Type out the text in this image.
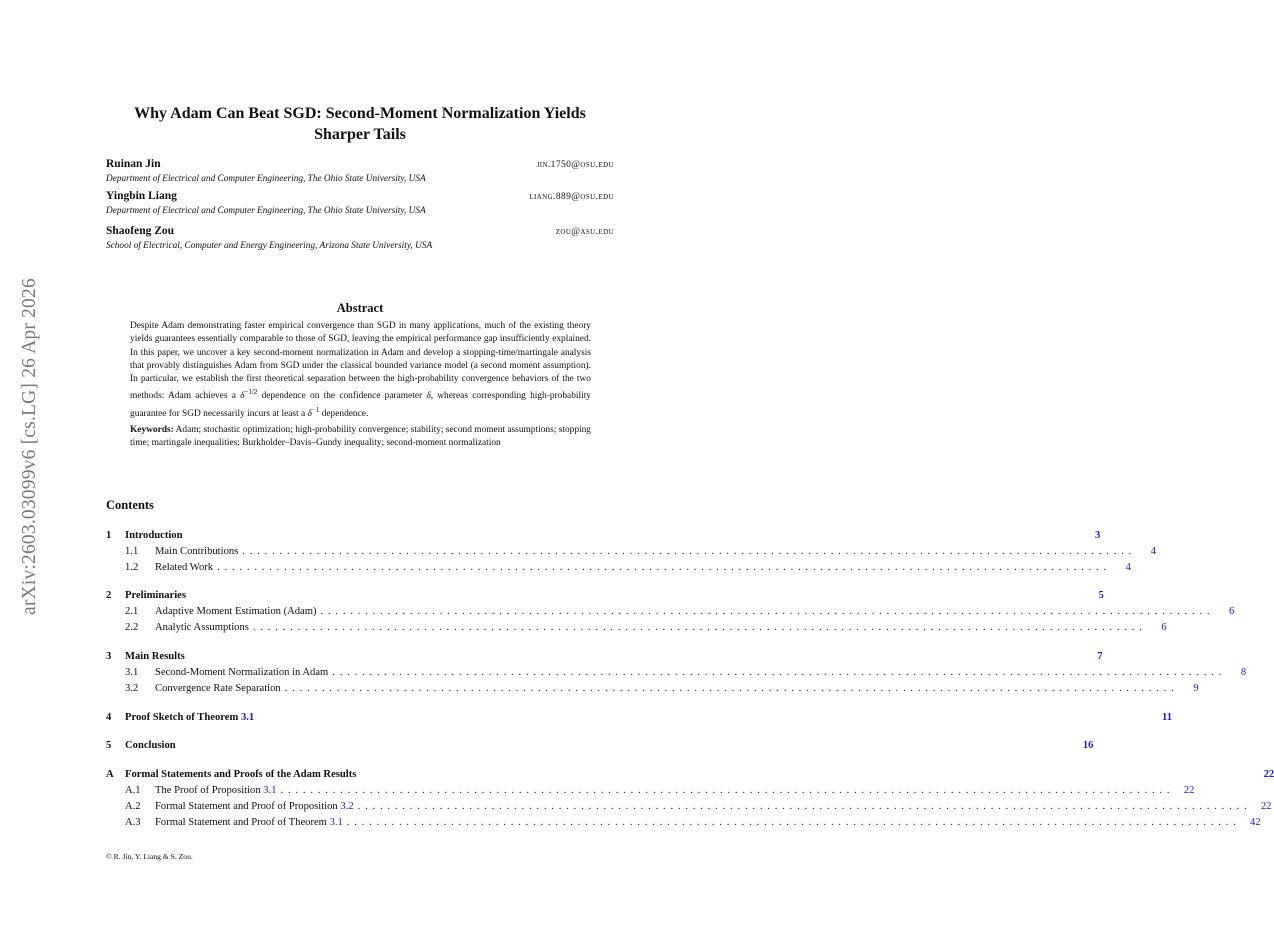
arXiv:2603.03099v6 [cs.LG] 26 Apr 2026
Why Adam Can Beat SGD: Second-Moment Normalization Yields Sharper Tails
Ruinan Jin	jin.1750@osu.edu
Department of Electrical and Computer Engineering, The Ohio State University, USA
Yingbin Liang	liang.889@osu.edu
Department of Electrical and Computer Engineering, The Ohio State University, USA
Shaofeng Zou	zou@asu.edu
School of Electrical, Computer and Energy Engineering, Arizona State University, USA
Abstract
Despite Adam demonstrating faster empirical convergence than SGD in many applications, much of the existing theory yields guarantees essentially comparable to those of SGD, leaving the empirical performance gap insufficiently explained. In this paper, we uncover a key second-moment normalization in Adam and develop a stopping-time/martingale analysis that provably distinguishes Adam from SGD under the classical bounded variance model (a second moment assumption). In particular, we establish the first theoretical separation between the high-probability convergence behaviors of the two methods: Adam achieves a $\delta^{-1/2}$ dependence on the confidence parameter δ, whereas corresponding high-probability guarantee for SGD necessarily incurs at least a $\delta^{-1}$ dependence.
Keywords: Adam; stochastic optimization; high-probability convergence; stability; second moment assumptions; stopping time; martingale inequalities; Burkholder–Davis–Gundy inequality; second-moment normalization
Contents
1	Introduction	3
1.1	Main Contributions ........................................................................................................................	4
1.2	Related Work ........................................................................................................................	4
2	Preliminaries	5
2.1	Adaptive Moment Estimation (Adam) ........................................................................................................................	6
2.2	Analytic Assumptions ........................................................................................................................	6
3	Main Results	7
3.1	Second-Moment Normalization in Adam ........................................................................................................................	8
3.2	Convergence Rate Separation ........................................................................................................................	9
4	Proof Sketch of Theorem 3.1	11
5	Conclusion	16
A	Formal Statements and Proofs of the Adam Results	22
A.1	The Proof of Proposition 3.1 ........................................................................................................................ 22
A.2	Formal Statement and Proof of Proposition 3.2 ........................................................................................................................ 22
A.3	Formal Statement and Proof of Theorem 3.1 ........................................................................................................................ 42
© R. Jin, Y. Liang & S. Zou.
